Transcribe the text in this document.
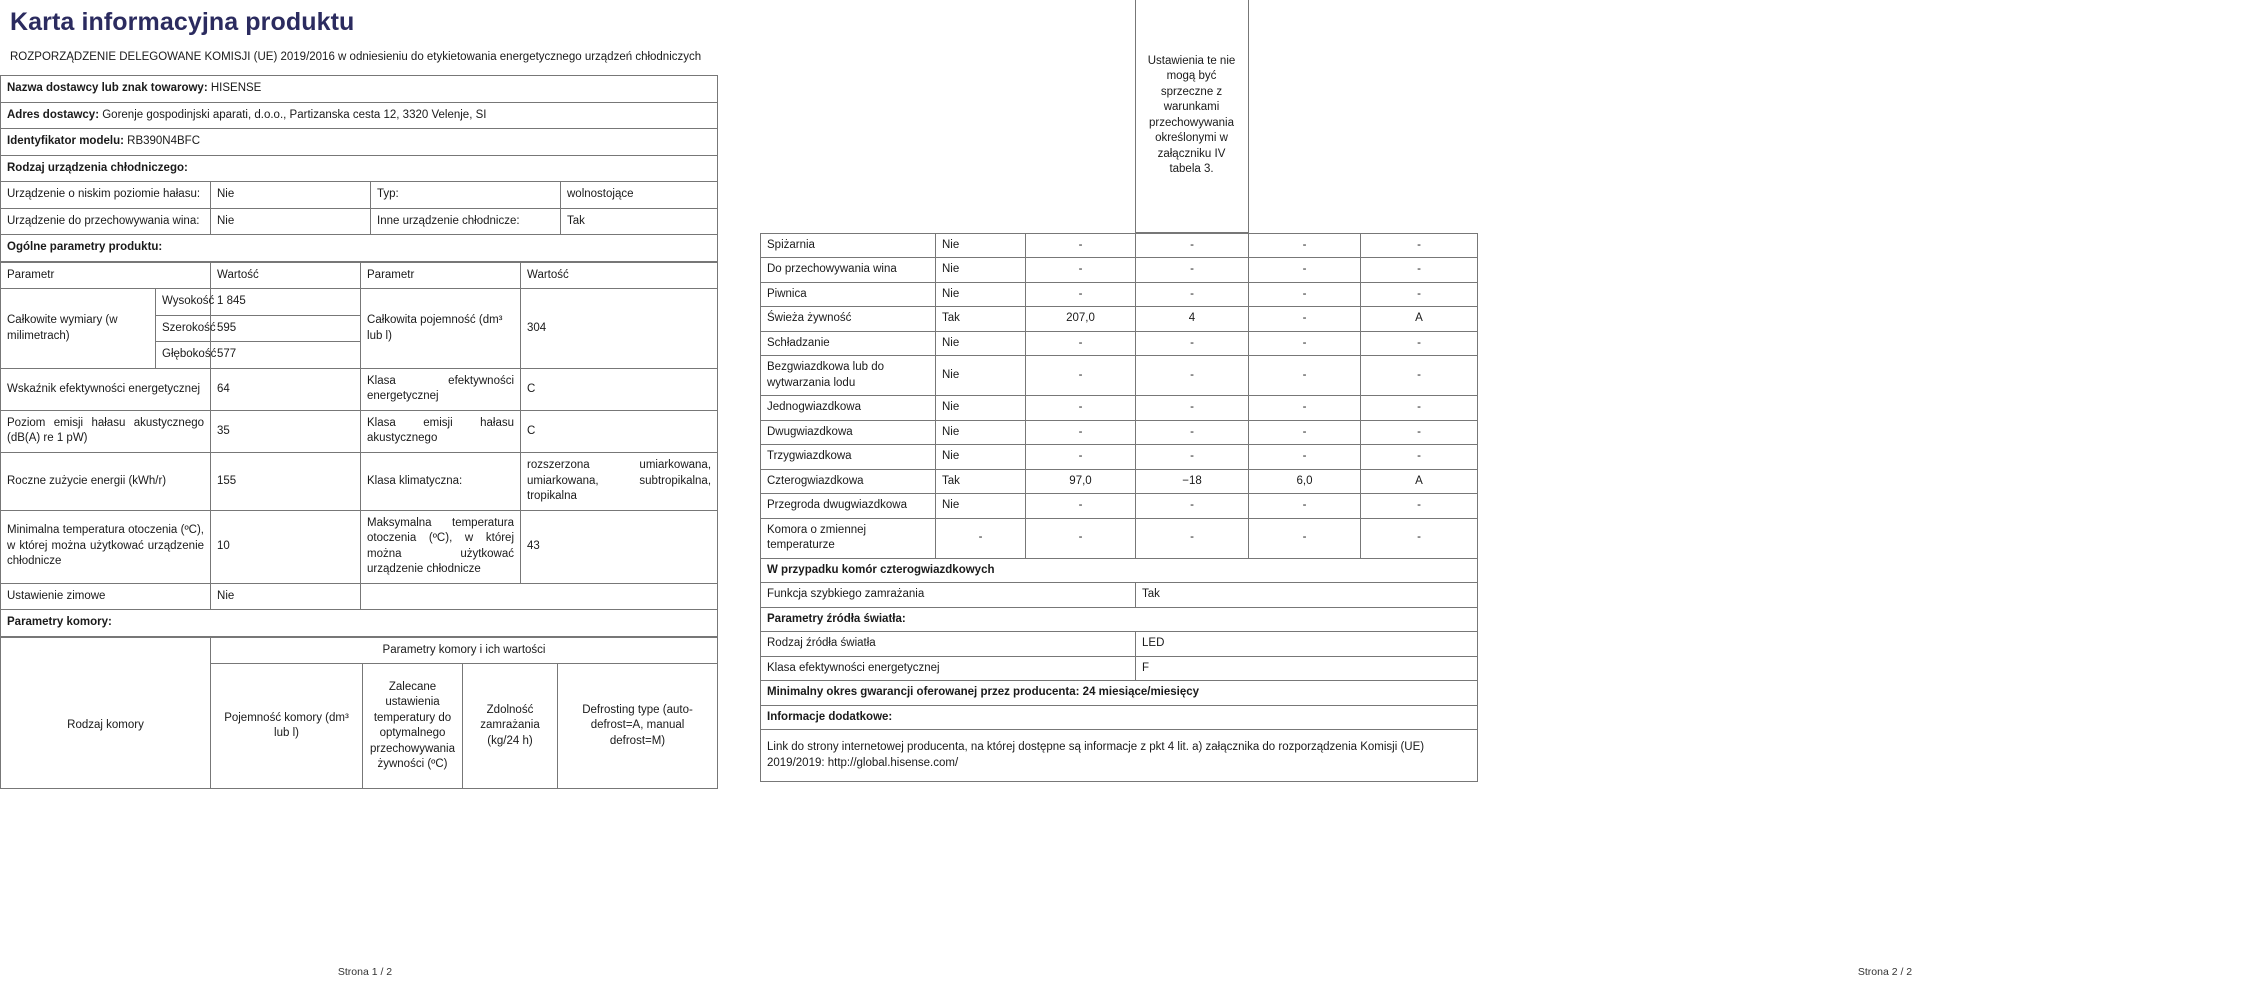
Karta informacyjna produktu
ROZPORZĄDZENIE DELEGOWANE KOMISJI (UE) 2019/2016 w odniesieniu do etykietowania energetycznego urządzeń chłodniczych
Nazwa dostawcy lub znak towarowy: HISENSE			
Adres dostawcy: Gorenje gospodinjski aparati, d.o.o., Partizanska cesta 12, 3320 Velenje, SI			
Identyfikator modelu: RB390N4BFC			
Rodzaj urządzenia chłodniczego:			
Urządzenie o niskim poziomie hałasu:	Nie	Typ:	wolnostojące
Urządzenie do przechowywania wina:	Nie	Inne urządzenie chłodnicze:	Tak
Ogólne parametry produktu:			
Parametr		Wartość	Parametr	Wartość
Całkowite wymiary (w milimetrach)	Wysokość	1 845	Całkowita pojemność (dm³ lub l)	304
	Szerokość	595		
	Głębokość	577		
Wskaźnik efektywności energetycznej		64	Klasa efektywności energetycznej	C
Poziom emisji hałasu akustycznego (dB(A) re 1 pW)		35	Klasa emisji hałasu akustycznego	C
Roczne zużycie energii (kWh/r)		155	Klasa klimatyczna:	rozszerzona umiarkowana, umiarkowana, subtropikalna, tropikalna
Minimalna temperatura otoczenia (ºC), w której można użytkować urządzenie chłodnicze		10	Maksymalna temperatura otoczenia (ºC), w której można użytkować urządzenie chłodnicze	43
Ustawienie zimowe		Nie		
Parametry komory:				
	Parametry komory i ich wartości			
Rodzaj komory	Pojemność komory (dm³ lub l)	Zalecane ustawienia temperatury do optymalnego przechowywania żywności (ºC)	Zdolność zamrażania (kg/24 h)	Defrosting type (auto-defrost=A, manual defrost=M)
Strona 1 / 2
			Ustawienia te nie mogą być sprzeczne z warunkami przechowywania określonymi w załączniku IV tabela 3.		
Spiżarnia	Nie	-	-	-	-
Do przechowywania wina	Nie	-	-	-	-
Piwnica	Nie	-	-	-	-
Świeża żywność	Tak	207,0	4	-	A
Schładzanie	Nie	-	-	-	-
Bezgwiazdkowa lub do wytwarzania lodu	Nie	-	-	-	-
Jednogwiazdkowa	Nie	-	-	-	-
Dwugwiazdkowa	Nie	-	-	-	-
Trzygwiazdkowa	Nie	-	-	-	-
Czterogwiazdkowa	Tak	97,0	−18	6,0	A
Przegroda dwugwiazdkowa	Nie	-	-	-	-
Komora o zmiennej temperaturze	-	-	-	-	-
W przypadku komór czterogwiazdkowych					
Funkcja szybkiego zamrażania			Tak		
Parametry źródła światła:					
Rodzaj źródła światła			LED		
Klasa efektywności energetycznej			F		
Minimalny okres gwarancji oferowanej przez producenta: 24 miesiące/miesięcy					
Informacje dodatkowe:					
Link do strony internetowej producenta, na której dostępne są informacje z pkt 4 lit. a) załącznika do rozporządzenia Komisji (UE) 2019/2019: http://global.hisense.com/					
Strona 2 / 2
